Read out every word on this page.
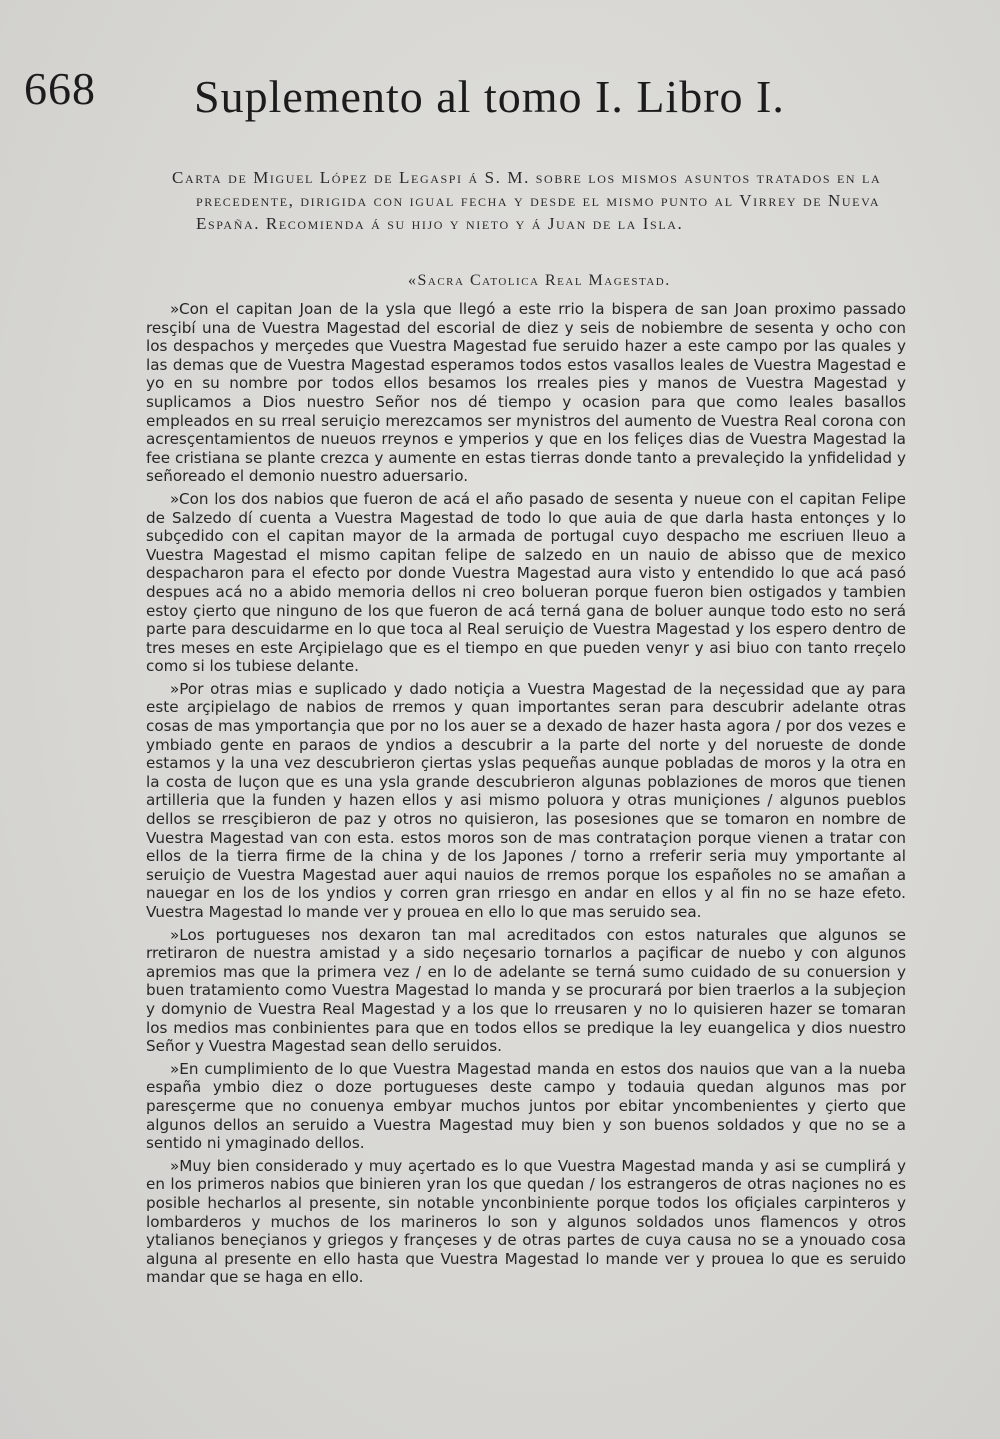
668 Suplemento al tomo I. Libro I.
Carta de Miguel López de Legaspi á S. M. sobre los mismos asuntos tratados en la
precedente, dirigida con igual fecha y desde el mismo punto al Virrey de Nueva
España. Recomienda á su hijo y nieto y á Juan de la Isla.
«Sacra Catolica Real Magestad.

»Con el capitan Joan de la ysla que llegó a este rrio la bispera de san Joan proximo passado resçibí una de Vuestra Magestad del escorial de diez y seis de nobiembre de sesenta y ocho con los despachos y merçedes que Vuestra Magestad fue seruido hazer a este campo por las quales y las demas que de Vuestra Magestad esperamos todos estos vasallos leales de Vuestra Magestad e yo en su nombre por todos ellos besamos los rreales pies y manos de Vuestra Magestad y suplicamos a Dios nuestro Señor nos dé tiempo y ocasion para que como leales basallos empleados en su rreal seruiçio merezcamos ser mynistros del aumento de Vuestra Real corona con acresçentamientos de nueuos rreynos e ymperios y que en los feliçes dias de Vuestra Magestad la fee cristiana se plante crezca y aumente en estas tierras donde tanto a prevaleçido la ynfidelidad y señoreado el demonio nuestro aduersario.

»Con los dos nabios que fueron de acá el año pasado de sesenta y nueue con el capitan Felipe de Salzedo dí cuenta a Vuestra Magestad de todo lo que auia de que darla hasta entonçes y lo subçedido con el capitan mayor de la armada de portugal cuyo despacho me escriuen lleuo a Vuestra Magestad el mismo capitan felipe de salzedo en un nauio de abisso que de mexico despacharon para el efecto por donde Vuestra Magestad aura visto y entendido lo que acá pasó despues acá no a abido memoria dellos ni creo bolueran porque fueron bien ostigados y tambien estoy çierto que ninguno de los que fueron de acá terná gana de boluer aunque todo esto no será parte para descuidarme en lo que toca al Real seruiçio de Vuestra Magestad y los espero dentro de tres meses en este Arçipielago que es el tiempo en que pueden venyr y asi biuo con tanto rreçelo como si los tubiese delante.

»Por otras mias e suplicado y dado notiçia a Vuestra Magestad de la neçessidad que ay para este arçipielago de nabios de rremos y quan importantes seran para descubrir adelante otras cosas de mas ymportançia que por no los auer se a dexado de hazer hasta agora / por dos vezes e ymbiado gente en paraos de yndios a descubrir a la parte del norte y del norueste de donde estamos y la una vez descubrieron çiertas yslas pequeñas aunque pobladas de moros y la otra en la costa de luçon que es una ysla grande descubrieron algunas poblaziones de moros que tienen artilleria que la funden y hazen ellos y asi mismo poluora y otras muniçiones / algunos pueblos dellos se rresçibieron de paz y otros no quisieron, las posesiones que se tomaron en nombre de Vuestra Magestad van con esta. estos moros son de mas contrataçion porque vienen a tratar con ellos de la tierra firme de la china y de los Japones / torno a rreferir seria muy ymportante al seruiçio de Vuestra Magestad auer aqui nauios de rremos porque los españoles no se amañan a nauegar en los de los yndios y corren gran rriesgo en andar en ellos y al fin no se haze efeto. Vuestra Magestad lo mande ver y prouea en ello lo que mas seruido sea.

»Los portugueses nos dexaron tan mal acreditados con estos naturales que algunos se rretiraron de nuestra amistad y a sido neçesario tornarlos a paçificar de nuebo y con algunos apremios mas que la primera vez / en lo de adelante se terná sumo cuidado de su conuersion y buen tratamiento como Vuestra Magestad lo manda y se procurará por bien traerlos a la subjeçion y domynio de Vuestra Real Magestad y a los que lo rreusaren y no lo quisieren hazer se tomaran los medios mas conbinientes para que en todos ellos se predique la ley euangelica y dios nuestro Señor y Vuestra Magestad sean dello seruidos.

»En cumplimiento de lo que Vuestra Magestad manda en estos dos nauios que van a la nueba españa ymbio diez o doze portugueses deste campo y todauia quedan algunos mas por paresçerme que no conuenya embyar muchos juntos por ebitar yncombenientes y çierto que algunos dellos an seruido a Vuestra Magestad muy bien y son buenos soldados y que no se a sentido ni ymaginado dellos.

»Muy bien considerado y muy açertado es lo que Vuestra Magestad manda y asi se cumplirá y en los primeros nabios que binieren yran los que quedan / los estrangeros de otras naçiones no es posible hecharlos al presente, sin notable ynconbiniente porque todos los ofiçiales carpinteros y lombarderos y muchos de los marineros lo son y algunos soldados unos flamencos y otros ytalianos beneçianos y griegos y françeses y de otras partes de cuya causa no se a ynouado cosa alguna al presente en ello hasta que Vuestra Magestad lo mande ver y prouea lo que es seruido mandar que se haga en ello.
